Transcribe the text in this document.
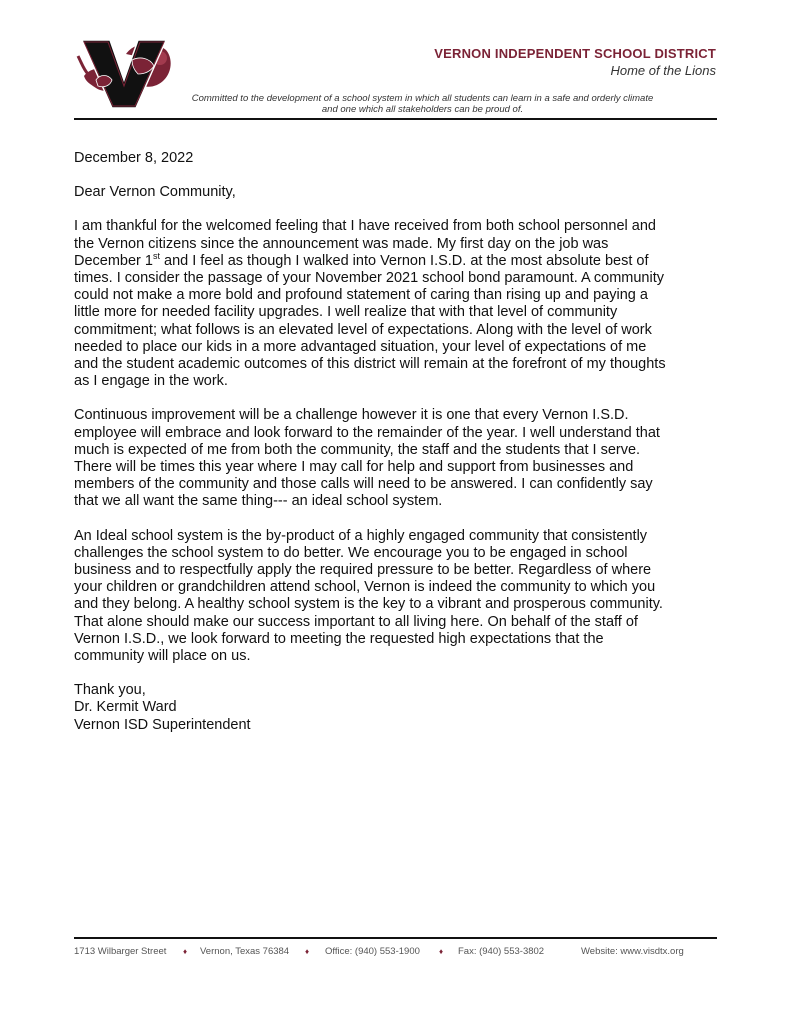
VERNON INDEPENDENT SCHOOL DISTRICT
Home of the Lions
Committed to the development of a school system in which all students can learn in a safe and orderly climate
and one which all stakeholders can be proud of.

December 8, 2022

Dear Vernon Community,

I am thankful for the welcomed feeling that I have received from both school personnel and
the Vernon citizens since the announcement was made. My first day on the job was
December 1st and I feel as though I walked into Vernon I.S.D. at the most absolute best of
times. I consider the passage of your November 2021 school bond paramount. A community
could not make a more bold and profound statement of caring than rising up and paying a
little more for needed facility upgrades. I well realize that with that level of community
commitment; what follows is an elevated level of expectations. Along with the level of work
needed to place our kids in a more advantaged situation, your level of expectations of me
and the student academic outcomes of this district will remain at the forefront of my thoughts
as I engage in the work.

Continuous improvement will be a challenge however it is one that every Vernon I.S.D.
employee will embrace and look forward to the remainder of the year. I well understand that
much is expected of me from both the community, the staff and the students that I serve.
There will be times this year where I may call for help and support from businesses and
members of the community and those calls will need to be answered. I can confidently say
that we all want the same thing--- an ideal school system.

An Ideal school system is the by-product of a highly engaged community that consistently
challenges the school system to do better. We encourage you to be engaged in school
business and to respectfully apply the required pressure to be better. Regardless of where
your children or grandchildren attend school, Vernon is indeed the community to which you
and they belong. A healthy school system is the key to a vibrant and prosperous community.
That alone should make our success important to all living here. On behalf of the staff of
Vernon I.S.D., we look forward to meeting the requested high expectations that the
community will place on us.

Thank you,
Dr. Kermit Ward
Vernon ISD Superintendent

1713 Wilbarger Street ♦ Vernon, Texas 76384 ♦ Office: (940) 553-1900 ♦ Fax: (940) 553-3802	Website: www.visdtx.org
